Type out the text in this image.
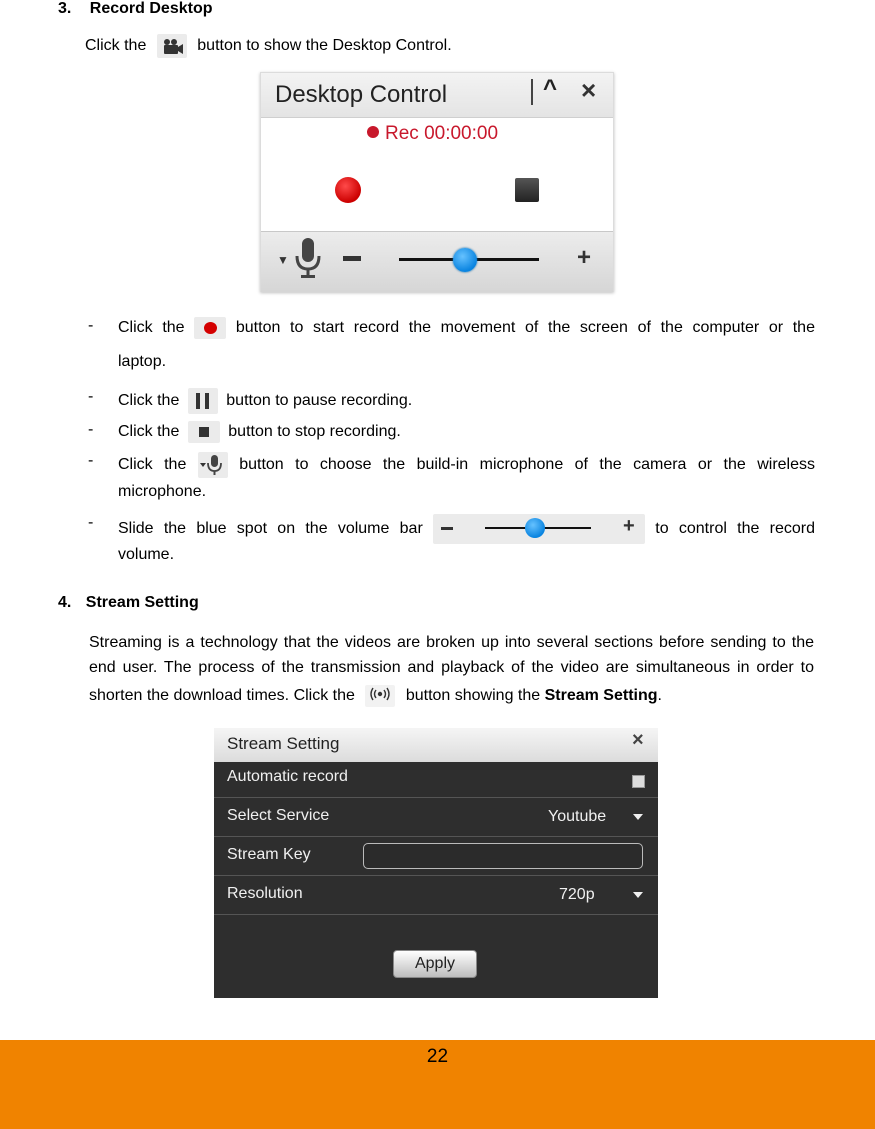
3. Record Desktop
Click the	button to show the Desktop Control.
Desktop Control	^ ×
Rec 00:00:00
▼	+
- Click the	button to start record the movement of the screen of the computer or the
laptop.
- Click the	button to pause recording.
- Click the	button to stop recording.
- Click the	button to choose the build-in microphone of the camera or the wireless
microphone.
- Slide the blue spot on the volume bar	+ to control the record
volume.
4. Stream Setting
Streaming is a technology that the videos are broken up into several sections before sending to the
end user. The process of the transmission and playback of the video are simultaneous in order to
shorten the download times. Click the	button showing the Stream Setting.
Stream Setting	×
Automatic record
Select Service	Youtube
Stream Key
Resolution	720p
Apply
22
